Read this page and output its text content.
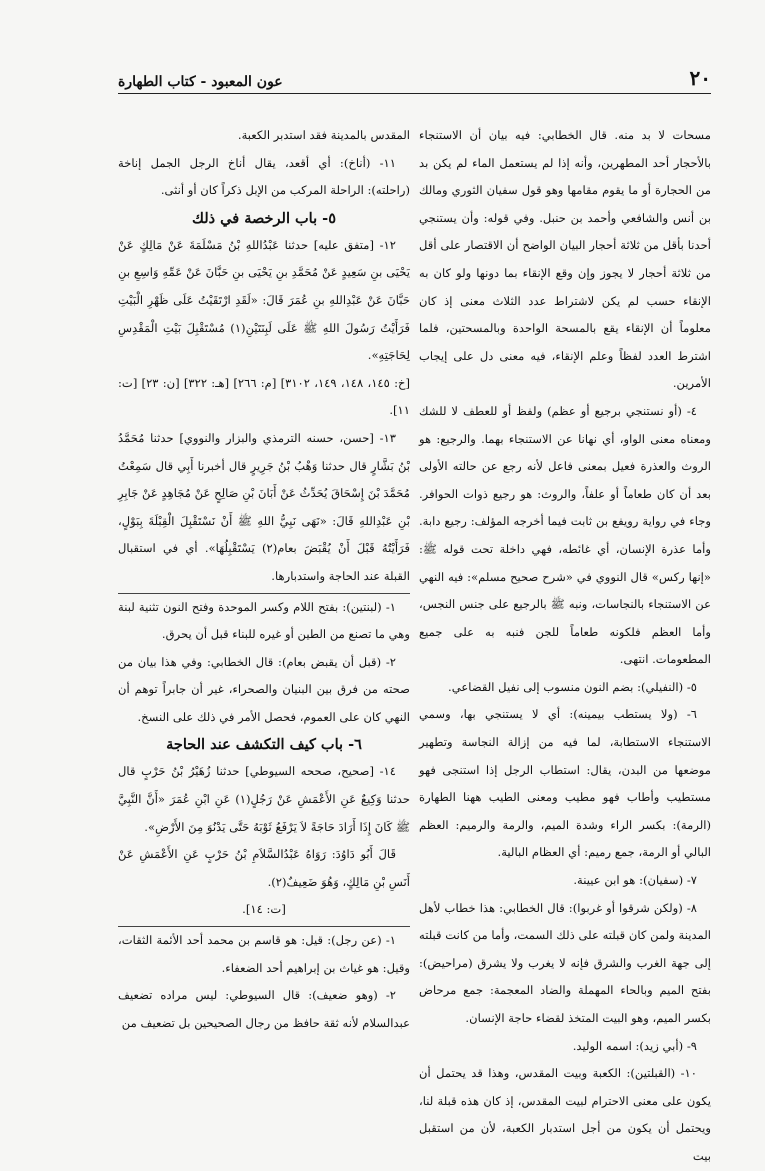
٢٠
عون المعبود - كتاب الطهارة

مسحات لا بد منه. قال الخطابي: فيه بيان أن الاستنجاء بالأحجار أحد المطهرين، وأنه إذا لم يستعمل الماء لم يكن بد من الحجارة أو ما يقوم مقامها وهو قول سفيان الثوري ومالك بن أنس والشافعي وأحمد بن حنبل. وفي قوله: وأن يستنجي أحدنا بأقل من ثلاثة أحجار البيان الواضح أن الاقتصار على أقل من ثلاثة أحجار لا يجوز وإن وقع الإنقاء بما دونها ولو كان به الإنقاء حسب لم يكن لاشتراط عدد الثلاث معنى إذ كان معلوماً أن الإنقاء يقع بالمسحة الواحدة وبالمسحتين، فلما اشترط العدد لفظاً وعلم الإنقاء، فيه معنى دل على إيجاب الأمرين.

٤- (أو نستنجي برجيع أو عظم) ولفظ أو للعطف لا للشك ومعناه معنى الواو، أي نهانا عن الاستنجاء بهما. والرجيع: هو الروث والعذرة فعيل بمعنى فاعل لأنه رجع عن حالته الأولى بعد أن كان طعاماً أو علفاً، والروث: هو رجيع ذوات الحوافر. وجاء في رواية رويفع بن ثابت فيما أخرجه المؤلف: رجيع دابة. وأما عذرة الإنسان، أي غائطه، فهي داخلة تحت قوله ﷺ: «إنها ركس» قال النووي في «شرح صحيح مسلم»: فيه النهي عن الاستنجاء بالنجاسات، ونبه ﷺ بالرجيع على جنس النجس، وأما العظم فلكونه طعاماً للجن فنبه به على جميع المطعومات. انتهى.

٥- (النفيلي): بضم النون منسوب إلى نفيل القضاعي.

٦- (ولا يستطب بيمينه): أي لا يستنجي بها، وسمي الاستنجاء الاستطابة، لما فيه من إزالة النجاسة وتطهير موضعها من البدن، يقال: استطاب الرجل إذا استنجى فهو مستطيب وأطاب فهو مطيب ومعنى الطيب ههنا الطهارة (الرمة): بكسر الراء وشدة الميم، والرمة والرميم: العظم البالي أو الرمة، جمع رميم: أي العظام البالية.

٧- (سفيان): هو ابن عيينة.

٨- (ولكن شرقوا أو غربوا): قال الخطابي: هذا خطاب لأهل المدينة ولمن كان قبلته على ذلك السمت، وأما من كانت قبلته إلى جهة الغرب والشرق فإنه لا يغرب ولا يشرق (مراحيض): بفتح الميم وبالحاء المهملة والضاد المعجمة: جمع مرحاض بكسر الميم، وهو البيت المتخذ لقضاء حاجة الإنسان.

٩- (أبي زيد): اسمه الوليد.

١٠- (القبلتين): الكعبة وبيت المقدس، وهذا قد يحتمل أن يكون على معنى الاحترام لبيت المقدس، إذ كان هذه قبلة لنا، ويحتمل أن يكون من أجل استدبار الكعبة، لأن من استقبل بيت

المقدس بالمدينة فقد استدبر الكعبة.

١١- (أناخ): أي أقعد، يقال أناخ الرجل الجمل إناخة (راحلته): الراحلة المركب من الإبل ذكراً كان أو أنثى.

٥- باب الرخصة في ذلك

١٢- [متفق عليه] حدثنا عَبْدُاللهِ بْنُ مَسْلَمَةَ عَنْ مَالِكٍ عَنْ يَحْيَى بنِ سَعِيدٍ عَنْ مُحَمَّدِ بنِ يَحْيَى بنِ حَبَّانَ عَنْ عَمِّهِ وَاسِعِ بنِ حَبَّانَ عَنْ عَبْدِاللهِ بنِ عُمَرَ قَالَ: «لَقَدِ ارْتَقَيْتُ عَلَى ظَهْرِ الْبَيْتِ فَرَأَيْتُ رَسُولَ اللهِ ﷺ عَلَى لَبِنَتَيْنِ(١) مُسْتَقْبِلَ بَيْتِ الْمَقْدِسِ لِحَاجَتِهِ».

[خ: ١٤٥، ١٤٨، ١٤٩، ٣١٠٢] [م: ٢٦٦] [هـ: ٣٢٢] [ن: ٢٣] [ت: ١١].

١٣- [حسن، حسنه الترمذي والبزار والنووي] حدثنا مُحَمَّدُ بْنُ بَشَّارٍ قال حدثنا وَهْبُ بْنُ جَرِيرٍ قال أخبرنا أَبِي قال سَمِعْتُ مُحَمَّدَ بْنَ إِسْحَاقَ يُحَدِّثُ عَنْ أَبَانَ بْنِ صَالِحٍ عَنْ مُجَاهِدٍ عَنْ جَابِرِ بْنِ عَبْدِاللهِ قَالَ: «نَهَى نَبِيُّ اللهِ ﷺ أَنْ نَسْتَقْبِلَ الْقِبْلَةَ بِبَوْلٍ، فَرَأَيْتُهُ قَبْلَ أَنْ يُقْبَضَ بعام(٢) يَسْتَقْبِلُهَا». أي في استقبال القبلة عند الحاجة واستدبارها.

١- (لبنتين): بفتح اللام وكسر الموحدة وفتح النون تثنية لبنة وهي ما تصنع من الطين أو غيره للبناء قبل أن يحرق.

٢- (قبل أن يقبض بعام): قال الخطابي: وفي هذا بيان من صحته من فرق بين البنيان والصحراء، غير أن جابراً توهم أن النهي كان على العموم، فحصل الأمر في ذلك على النسخ.

٦- باب كيف التكشف عند الحاجة

١٤- [صحيح، صححه السيوطي] حدثنا زُهَيْرُ بْنُ حَرْبٍ قال حدثنا وَكِيعٌ عَنِ الأَعْمَشِ عَنْ رَجُلٍ(١) عَنِ ابْنِ عُمَرَ «أَنَّ النَّبِيَّ ﷺ كَانَ إِذَا أَرَادَ حَاجَةً لاَ يَرْفَعُ ثَوْبَهُ حَتَّى يَدْنُوَ مِنَ الأَرْضِ».

قَالَ أَبُو دَاوُدَ: رَوَاهُ عَبْدُالسَّلاَمِ بْنُ حَرْبٍ عَنِ الأَعْمَشِ عَنْ أَنَسِ بْنِ مَالِكٍ، وَهُوَ ضَعِيفٌ(٢).

[ت: ١٤].

١- (عن رجل): قيل: هو قاسم بن محمد أحد الأئمة الثقات، وقيل: هو غياث بن إبراهيم أحد الضعفاء.

٢- (وهو ضعيف): قال السيوطي: ليس مراده تضعيف عبدالسلام لأنه ثقة حافظ من رجال الصحيحين بل تضعيف من
